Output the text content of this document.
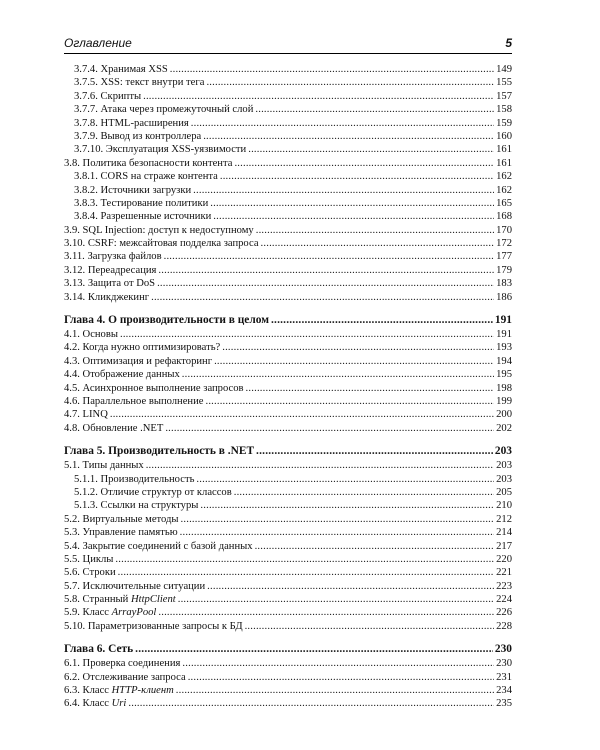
Оглавление	5
3.7.4. Хранимая XSS .....	149
3.7.5. XSS: текст внутри тега .....	155
3.7.6. Скрипты .....	157
3.7.7. Атака через промежуточный слой .....	158
3.7.8. HTML-расширения .....	159
3.7.9. Вывод из контроллера .....	160
3.7.10. Эксплуатация XSS-уязвимости .....	161
3.8. Политика безопасности контента .....	161
3.8.1. CORS на страже контента .....	162
3.8.2. Источники загрузки .....	162
3.8.3. Тестирование политики .....	165
3.8.4. Разрешенные источники .....	168
3.9. SQL Injection: доступ к недоступному .....	170
3.10. CSRF: межсайтовая подделка запроса .....	172
3.11. Загрузка файлов .....	177
3.12. Переадресация .....	179
3.13. Защита от DoS .....	183
3.14. Кликджекинг .....	186
Глава 4. О производительности в целом .....	191
4.1. Основы .....	191
4.2. Когда нужно оптимизировать? .....	193
4.3. Оптимизация и рефакторинг .....	194
4.4. Отображение данных .....	195
4.5. Асинхронное выполнение запросов .....	198
4.6. Параллельное выполнение .....	199
4.7. LINQ .....	200
4.8. Обновление .NET .....	202
Глава 5. Производительность в .NET .....	203
5.1. Типы данных .....	203
5.1.1. Производительность .....	203
5.1.2. Отличие структур от классов .....	205
5.1.3. Ссылки на структуры .....	210
5.2. Виртуальные методы .....	212
5.3. Управление памятью .....	214
5.4. Закрытие соединений с базой данных .....	217
5.5. Циклы .....	220
5.6. Строки .....	221
5.7. Исключительные ситуации .....	223
5.8. Странный HttpClient .....	224
5.9. Класс ArrayPool .....	226
5.10. Параметризованные запросы к БД .....	228
Глава 6. Сеть .....	230
6.1. Проверка соединения .....	230
6.2. Отслеживание запроса .....	231
6.3. Класс HTTP-клиент .....	234
6.4. Класс Uri .....	235
